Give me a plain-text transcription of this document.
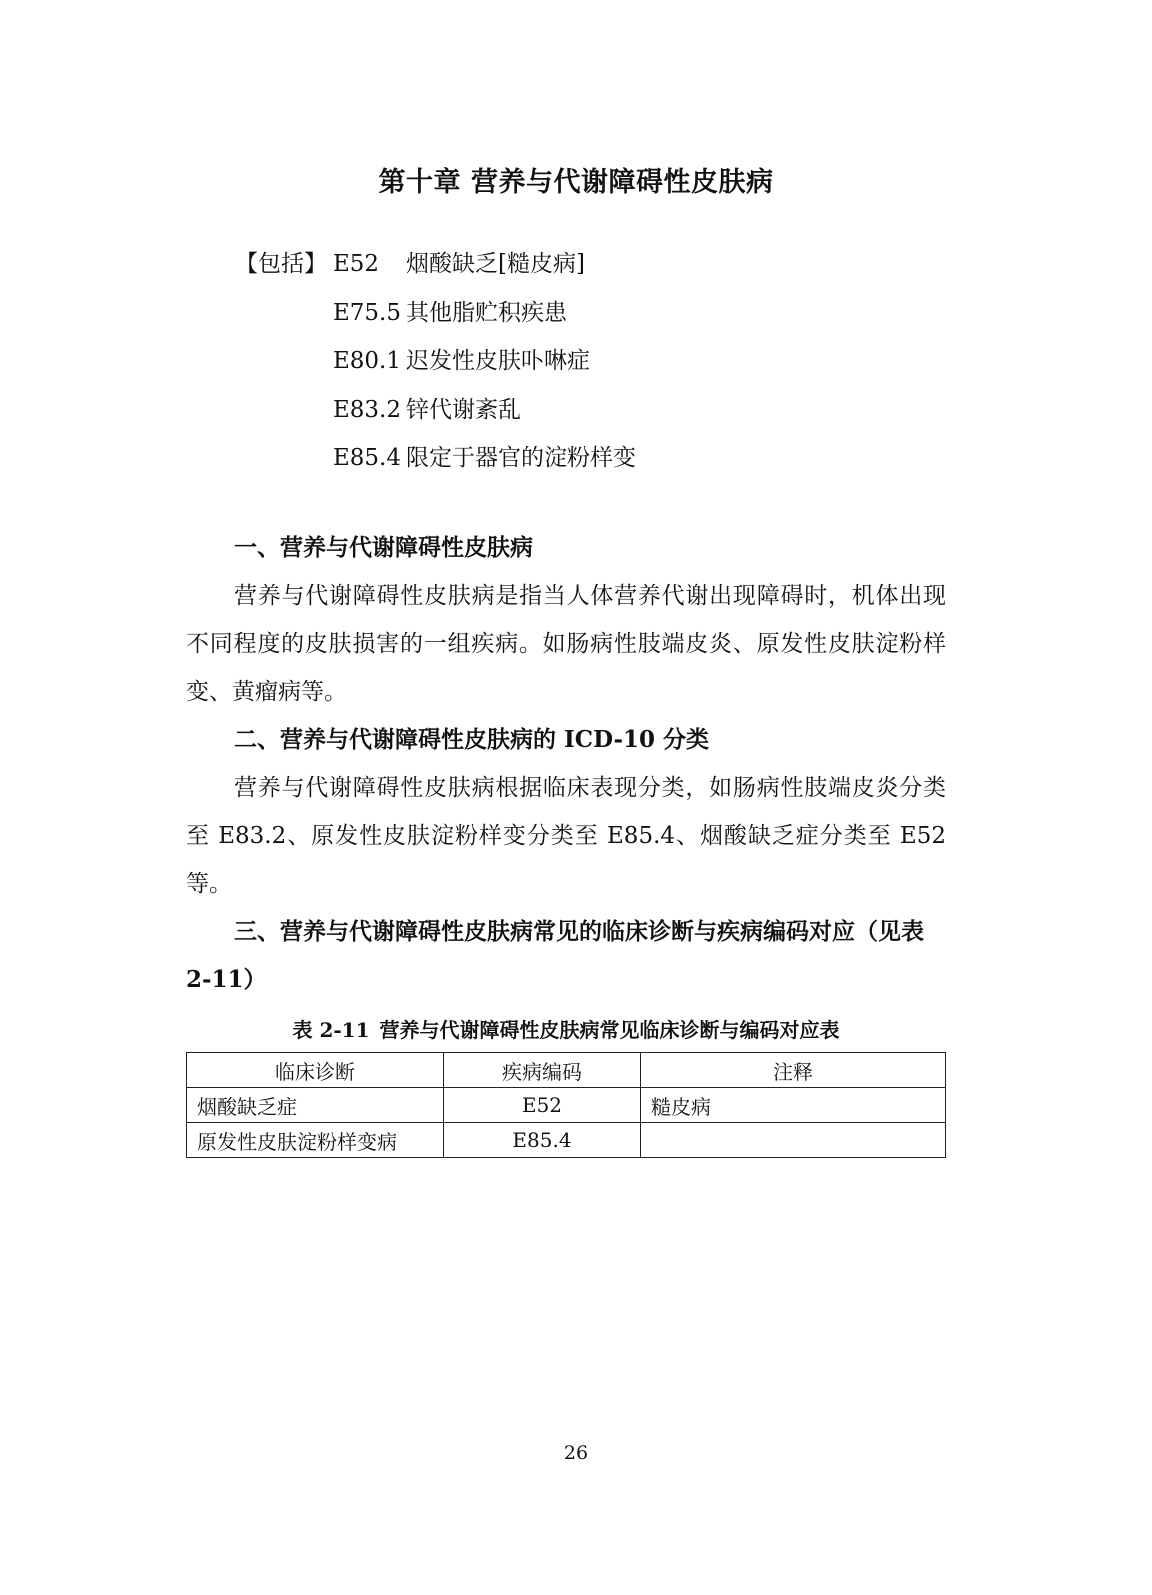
第十章 营养与代谢障碍性皮肤病
【包括】 E52	烟酸缺乏[糙皮病]
E75.5 其他脂贮积疾患
E80.1 迟发性皮肤卟啉症
E83.2 锌代谢紊乱
E85.4 限定于器官的淀粉样变

一、营养与代谢障碍性皮肤病

营养与代谢障碍性皮肤病是指当人体营养代谢出现障碍时，机体出现不同程度的皮肤损害的一组疾病。如肠病性肢端皮炎、原发性皮肤淀粉样变、黄瘤病等。

二、营养与代谢障碍性皮肤病的 ICD-10 分类

营养与代谢障碍性皮肤病根据临床表现分类，如肠病性肢端皮炎分类至 E83.2、原发性皮肤淀粉样变分类至 E85.4、烟酸缺乏症分类至 E52 等。

三、营养与代谢障碍性皮肤病常见的临床诊断与疾病编码对应（见表 2-11）

表 2-11 营养与代谢障碍性皮肤病常见临床诊断与编码对应表
临床诊断	疾病编码	注释
烟酸缺乏症	E52	糙皮病
原发性皮肤淀粉样变病	E85.4	
26
